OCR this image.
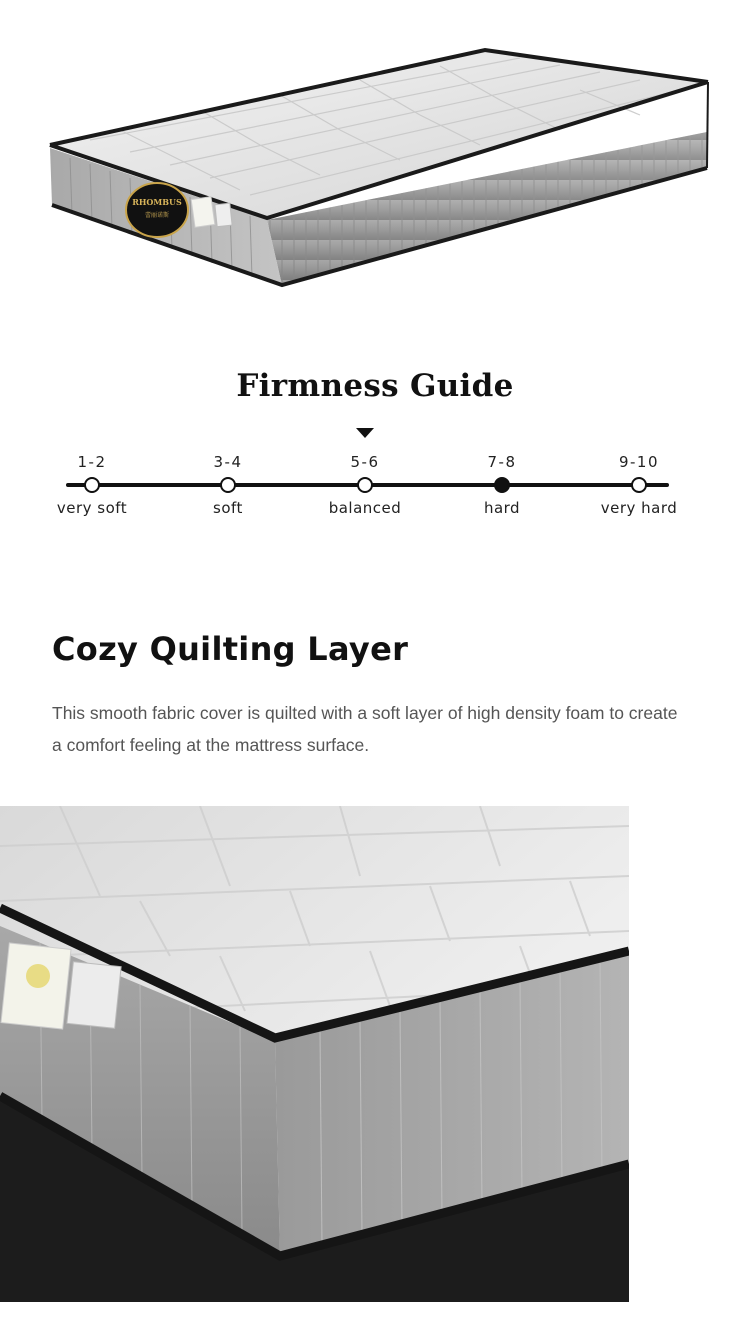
RHOMBUS
蕾丽诺斯
Firmness Guide
1-2
very soft
3-4
soft
5-6
balanced
7-8
hard
9-10
very hard
Cozy Quilting Layer
This smooth fabric cover is quilted with a soft layer of high density foam to create a comfort feeling at the mattress surface.
